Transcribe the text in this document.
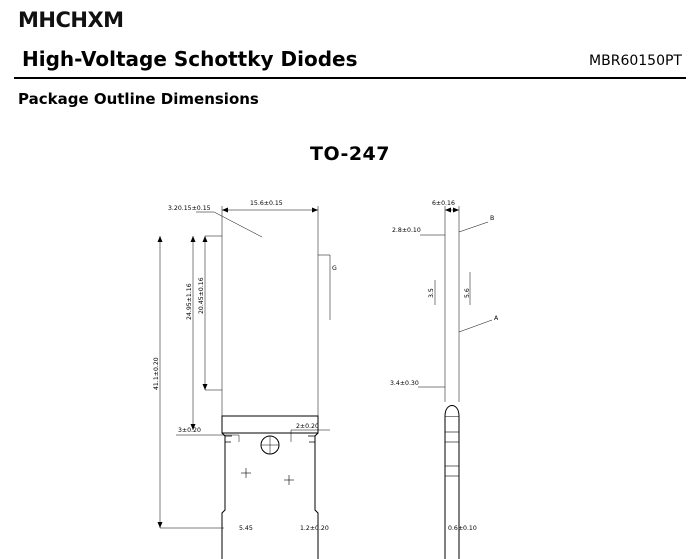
MHCHXM
High-Voltage Schottky Diodes	MBR60150PT
Package Outline Dimensions
TO-247
3.20.15±0.15
15.6±0.15
20.45±0.16
24.95±1.16
41.1±0.20
3±0.20
2±0.20
5.45	1.2±0.20
G
6±0.16
2.8±0.10
3.5	5.6
3.4±0.30
0.6±0.10
B
A
